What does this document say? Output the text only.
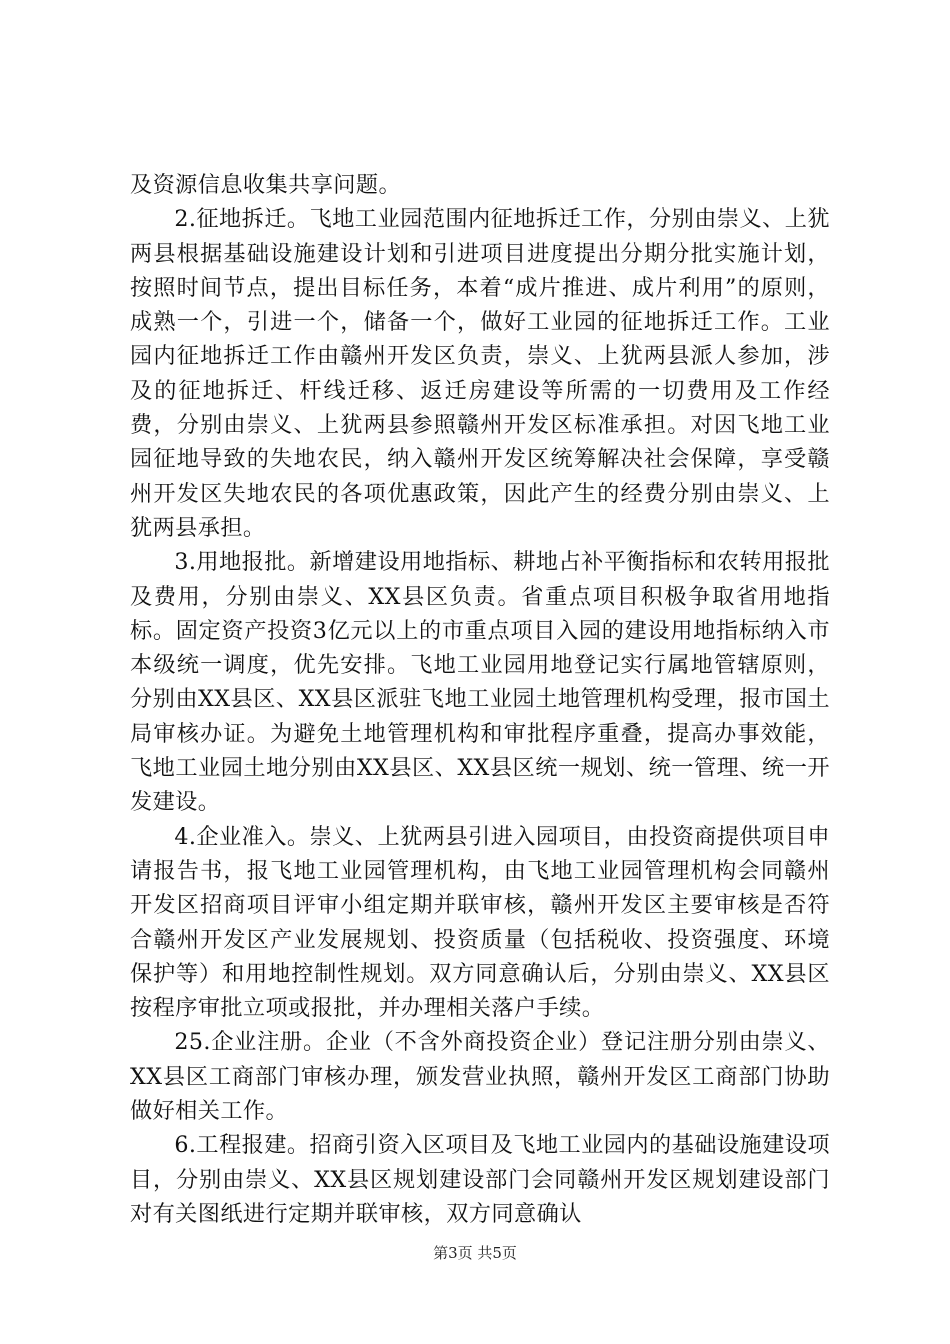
及资源信息收集共享问题。

2.征地拆迁。飞地工业园范围内征地拆迁工作，分别由崇义、上犹两县根据基础设施建设计划和引进项目进度提出分期分批实施计划，按照时间节点，提出目标任务，本着“成片推进、成片利用”的原则，成熟一个，引进一个，储备一个，做好工业园的征地拆迁工作。工业园内征地拆迁工作由赣州开发区负责，崇义、上犹两县派人参加，涉及的征地拆迁、杆线迁移、返迁房建设等所需的一切费用及工作经费，分别由崇义、上犹两县参照赣州开发区标准承担。对因飞地工业园征地导致的失地农民，纳入赣州开发区统筹解决社会保障，享受赣州开发区失地农民的各项优惠政策，因此产生的经费分别由崇义、上犹两县承担。

3.用地报批。新增建设用地指标、耕地占补平衡指标和农转用报批及费用，分别由崇义、XX县区负责。省重点项目积极争取省用地指标。固定资产投资3亿元以上的市重点项目入园的建设用地指标纳入市本级统一调度，优先安排。飞地工业园用地登记实行属地管辖原则，分别由XX县区、XX县区派驻飞地工业园土地管理机构受理，报市国土局审核办证。为避免土地管理机构和审批程序重叠，提高办事效能，飞地工业园土地分别由XX县区、XX县区统一规划、统一管理、统一开发建设。

4.企业准入。崇义、上犹两县引进入园项目，由投资商提供项目申请报告书，报飞地工业园管理机构，由飞地工业园管理机构会同赣州开发区招商项目评审小组定期并联审核，赣州开发区主要审核是否符合赣州开发区产业发展规划、投资质量（包括税收、投资强度、环境保护等）和用地控制性规划。双方同意确认后，分别由崇义、XX县区按程序审批立项或报批，并办理相关落户手续。

25.企业注册。企业（不含外商投资企业）登记注册分别由崇义、XX县区工商部门审核办理，颁发营业执照，赣州开发区工商部门协助做好相关工作。

6.工程报建。招商引资入区项目及飞地工业园内的基础设施建设项目，分别由崇义、XX县区规划建设部门会同赣州开发区规划建设部门对有关图纸进行定期并联审核，双方同意确认

第3页 共5页
